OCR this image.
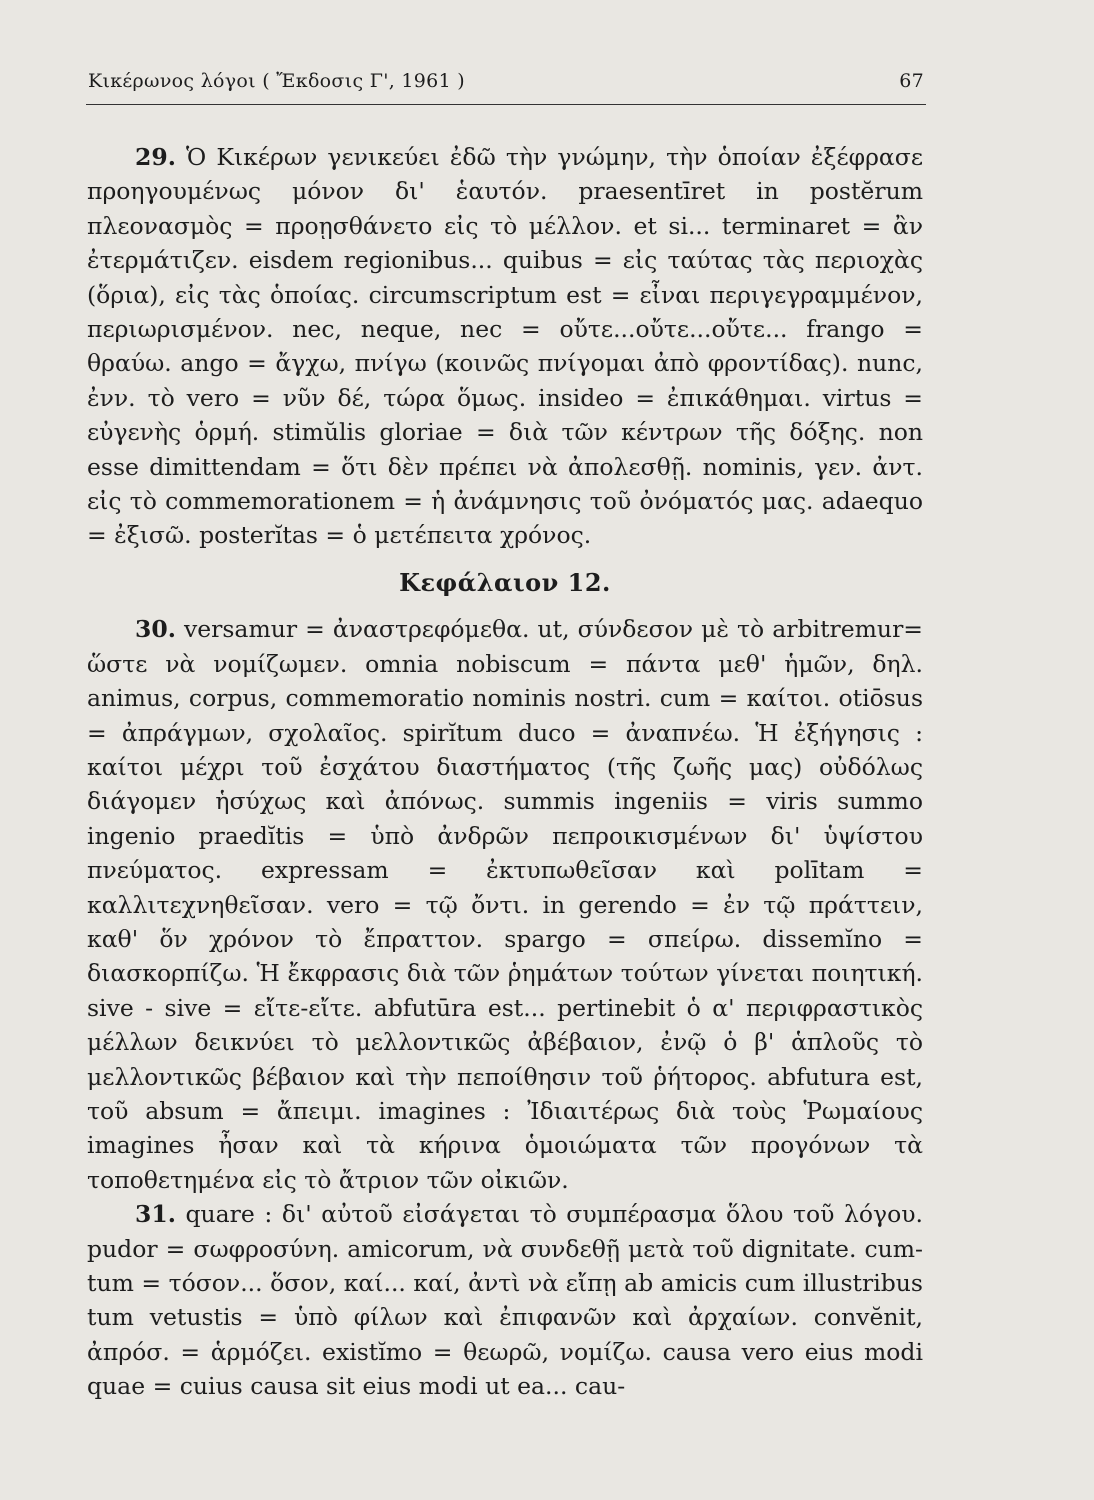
Κικέρωνος λόγοι ( Ἔκδοσις Γ', 1961 )	67

29. Ὁ Κικέρων γενικεύει ἐδῶ τὴν γνώμην, τὴν ὁποίαν ἐξέφρασε προηγουμένως μόνον δι' ἑαυτόν. praesentīret in postĕrum πλεονασμὸς = προῃσθάνετο εἰς τὸ μέλλον. et si... terminaret = ἂν ἐτερμάτιζεν. eisdem regionibus... quibus = εἰς ταύτας τὰς περιοχὰς (ὅρια), εἰς τὰς ὁποίας. circumscriptum est = εἶναι περιγεγραμμένον, περιωρισμένον. nec, neque, nec = οὔτε...οὔτε...οὔτε... frango = θραύω. ango = ἄγχω, πνίγω (κοινῶς πνίγομαι ἀπὸ φροντίδας). nunc, ἐνν. τὸ vero = νῦν δέ, τώρα ὅμως. insideo = ἐπικάθημαι. virtus = εὐγενὴς ὁρμή. stimŭlis gloriae = διὰ τῶν κέντρων τῆς δόξης. non esse dimittendam = ὅτι δὲν πρέπει νὰ ἀπολεσθῇ. nominis, γεν. ἀντ. εἰς τὸ commemorationem = ἡ ἀνάμνησις τοῦ ὀνόματός μας. adaequo = ἐξισῶ. posterĭtas = ὁ μετέπειτα χρόνος.

Κεφάλαιον 12.

30. versamur = ἀναστρεφόμεθα. ut, σύνδεσον μὲ τὸ arbitremur= ὥστε νὰ νομίζωμεν. omnia nobiscum = πάντα μεθ' ἡμῶν, δηλ. animus, corpus, commemoratio nominis nostri. cum = καίτοι. otiōsus = ἀπράγμων, σχολαῖος. spirĭtum duco = ἀναπνέω. Ἡ ἐξήγησις : καίτοι μέχρι τοῦ ἐσχάτου διαστήματος (τῆς ζωῆς μας) οὐδόλως διάγομεν ἡσύχως καὶ ἀπόνως. summis ingeniis = viris summo ingenio praedĭtis = ὑπὸ ἀνδρῶν πεπροικισμένων δι' ὑψίστου πνεύματος. expressam = ἐκτυπωθεῖσαν καὶ polītam = καλλιτεχνηθεῖσαν. vero = τῷ ὄντι. in gerendo = ἐν τῷ πράττειν, καθ' ὅν χρόνον τὸ ἔπραττον. spargo = σπείρω. dissemĭno = διασκορπίζω. Ἡ ἔκφρασις διὰ τῶν ῥημάτων τούτων γίνεται ποιητική. sive - sive = εἴτε-εἴτε. abfutūra est... pertinebit ὁ α' περιφραστικὸς μέλλων δεικνύει τὸ μελλοντικῶς ἀβέβαιον, ἐνῷ ὁ β' ἁπλοῦς τὸ μελλοντικῶς βέβαιον καὶ τὴν πεποίθησιν τοῦ ῥήτορος. abfutura est, τοῦ absum = ἄπειμι. imagines : Ἰδιαιτέρως διὰ τοὺς Ῥωμαίους imagines ἦσαν καὶ τὰ κήρινα ὁμοιώματα τῶν προγόνων τὰ τοποθετημένα εἰς τὸ ἄτριον τῶν οἰκιῶν.

31. quare : δι' αὐτοῦ εἰσάγεται τὸ συμπέρασμα ὅλου τοῦ λόγου. pudor = σωφροσύνη. amicorum, νὰ συνδεθῇ μετὰ τοῦ dignitate. cum-tum = τόσον... ὅσον, καί... καί, ἀντὶ νὰ εἴπῃ ab amicis cum illustribus tum vetustis = ὑπὸ φίλων καὶ ἐπιφανῶν καὶ ἀρχαίων. convĕnit, ἀπρόσ. = ἁρμόζει. existĭmo = θεωρῶ, νομίζω. causa vero eius modi quae = cuius causa sit eius modi ut ea... cau-
